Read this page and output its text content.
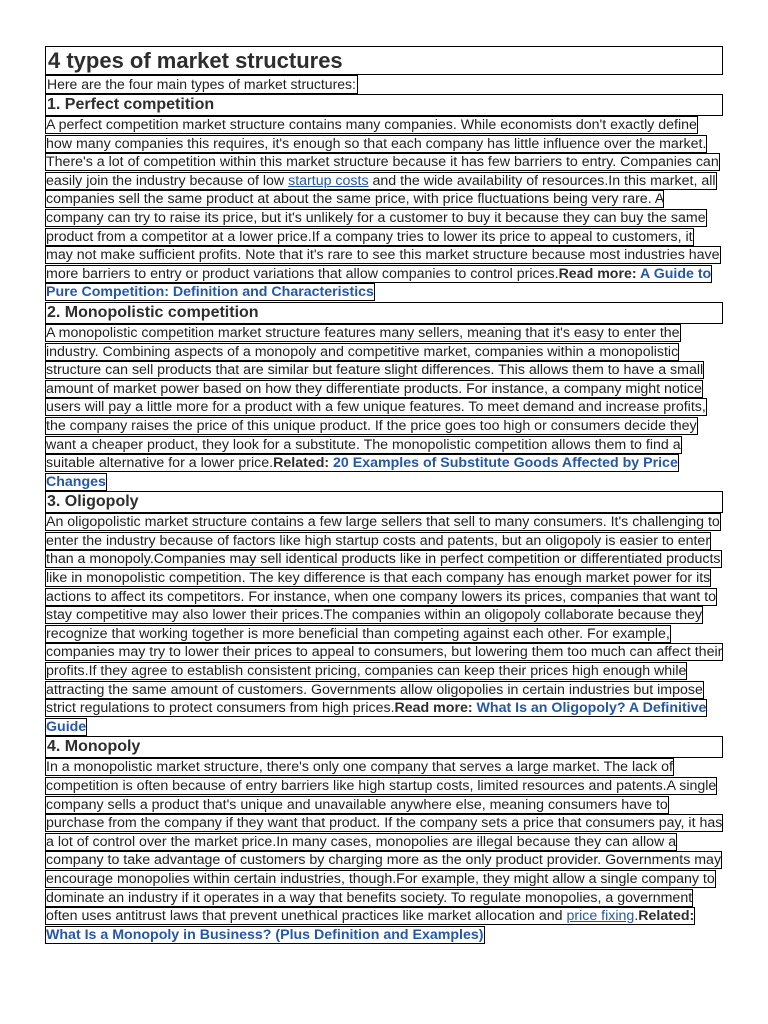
4 types of market structures
Here are the four main types of market structures:
1. Perfect competition

A perfect competition market structure contains many companies. While economists don't exactly define how many companies this requires, it's enough so that each company has little influence over the market. There's a lot of competition within this market structure because it has few barriers to entry. Companies can easily join the industry because of low startup costs and the wide availability of resources.In this market, all companies sell the same product at about the same price, with price fluctuations being very rare. A company can try to raise its price, but it's unlikely for a customer to buy it because they can buy the same product from a competitor at a lower price.If a company tries to lower its price to appeal to customers, it may not make sufficient profits. Note that it's rare to see this market structure because most industries have more barriers to entry or product variations that allow companies to control prices.Read more: A Guide to Pure Competition: Definition and Characteristics

2. Monopolistic competition

A monopolistic competition market structure features many sellers, meaning that it's easy to enter the industry. Combining aspects of a monopoly and competitive market, companies within a monopolistic structure can sell products that are similar but feature slight differences. This allows them to have a small amount of market power based on how they differentiate products. For instance, a company might notice users will pay a little more for a product with a few unique features. To meet demand and increase profits, the company raises the price of this unique product. If the price goes too high or consumers decide they want a cheaper product, they look for a substitute. The monopolistic competition allows them to find a suitable alternative for a lower price.Related: 20 Examples of Substitute Goods Affected by Price Changes

3. Oligopoly

An oligopolistic market structure contains a few large sellers that sell to many consumers. It's challenging to enter the industry because of factors like high startup costs and patents, but an oligopoly is easier to enter than a monopoly.Companies may sell identical products like in perfect competition or differentiated products like in monopolistic competition. The key difference is that each company has enough market power for its actions to affect its competitors. For instance, when one company lowers its prices, companies that want to stay competitive may also lower their prices.The companies within an oligopoly collaborate because they recognize that working together is more beneficial than competing against each other. For example, companies may try to lower their prices to appeal to consumers, but lowering them too much can affect their profits.If they agree to establish consistent pricing, companies can keep their prices high enough while attracting the same amount of customers. Governments allow oligopolies in certain industries but impose strict regulations to protect consumers from high prices.Read more: What Is an Oligopoly? A Definitive Guide

4. Monopoly

In a monopolistic market structure, there's only one company that serves a large market. The lack of competition is often because of entry barriers like high startup costs, limited resources and patents.A single company sells a product that's unique and unavailable anywhere else, meaning consumers have to purchase from the company if they want that product. If the company sets a price that consumers pay, it has a lot of control over the market price.In many cases, monopolies are illegal because they can allow a company to take advantage of customers by charging more as the only product provider. Governments may encourage monopolies within certain industries, though.For example, they might allow a single company to dominate an industry if it operates in a way that benefits society. To regulate monopolies, a government often uses antitrust laws that prevent unethical practices like market allocation and price fixing.Related: What Is a Monopoly in Business? (Plus Definition and Examples)
